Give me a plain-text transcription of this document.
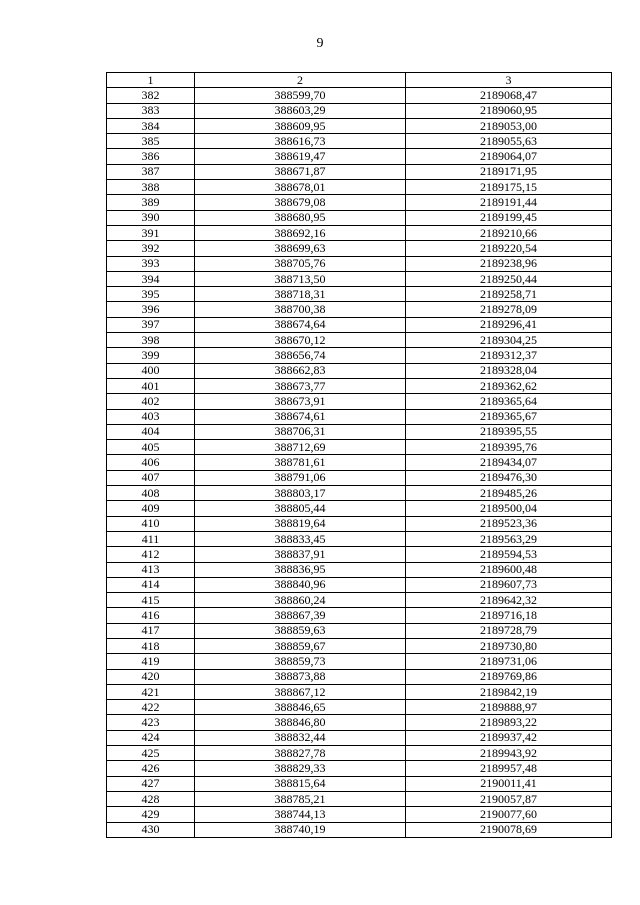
9
1	2	3
382	388599,70	2189068,47
383	388603,29	2189060,95
384	388609,95	2189053,00
385	388616,73	2189055,63
386	388619,47	2189064,07
387	388671,87	2189171,95
388	388678,01	2189175,15
389	388679,08	2189191,44
390	388680,95	2189199,45
391	388692,16	2189210,66
392	388699,63	2189220,54
393	388705,76	2189238,96
394	388713,50	2189250,44
395	388718,31	2189258,71
396	388700,38	2189278,09
397	388674,64	2189296,41
398	388670,12	2189304,25
399	388656,74	2189312,37
400	388662,83	2189328,04
401	388673,77	2189362,62
402	388673,91	2189365,64
403	388674,61	2189365,67
404	388706,31	2189395,55
405	388712,69	2189395,76
406	388781,61	2189434,07
407	388791,06	2189476,30
408	388803,17	2189485,26
409	388805,44	2189500,04
410	388819,64	2189523,36
411	388833,45	2189563,29
412	388837,91	2189594,53
413	388836,95	2189600,48
414	388840,96	2189607,73
415	388860,24	2189642,32
416	388867,39	2189716,18
417	388859,63	2189728,79
418	388859,67	2189730,80
419	388859,73	2189731,06
420	388873,88	2189769,86
421	388867,12	2189842,19
422	388846,65	2189888,97
423	388846,80	2189893,22
424	388832,44	2189937,42
425	388827,78	2189943,92
426	388829,33	2189957,48
427	388815,64	2190011,41
428	388785,21	2190057,87
429	388744,13	2190077,60
430	388740,19	2190078,69
